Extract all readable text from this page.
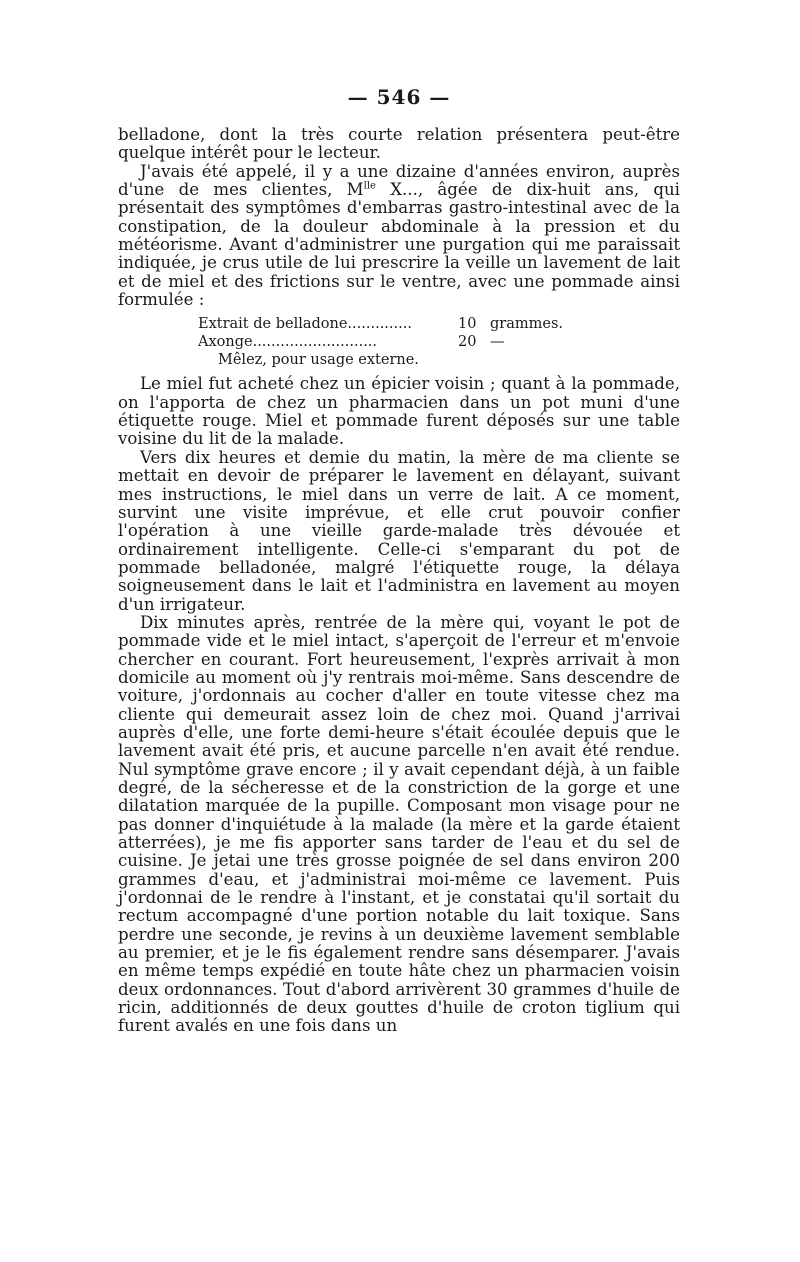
— 546 —

belladone, dont la très courte relation présentera peut-être quelque intérêt pour le lecteur.

J'avais été appelé, il y a une dizaine d'années environ, auprès d'une de mes clientes, $M^{lle}$ X..., âgée de dix-huit ans, qui présentait des symptômes d'embarras gastro-intestinal avec de la constipation, de la douleur abdominale à la pression et du météorisme. Avant d'administrer une purgation qui me paraissait indiquée, je crus utile de lui prescrire la veille un lavement de lait et de miel et des frictions sur le ventre, avec une pommade ainsi formulée :

Extrait de belladone..............	10 grammes.
Axonge...........................	20 —
Mêlez, pour usage externe.

Le miel fut acheté chez un épicier voisin ; quant à la pommade, on l'apporta de chez un pharmacien dans un pot muni d'une étiquette rouge. Miel et pommade furent déposés sur une table voisine du lit de la malade.

Vers dix heures et demie du matin, la mère de ma cliente se mettait en devoir de préparer le lavement en délayant, suivant mes instructions, le miel dans un verre de lait. A ce moment, survint une visite imprévue, et elle crut pouvoir confier l'opération à une vieille garde-malade très dévouée et ordinairement intelligente. Celle-ci s'emparant du pot de pommade belladonée, malgré l'étiquette rouge, la délaya soigneusement dans le lait et l'administra en lavement au moyen d'un irrigateur.

Dix minutes après, rentrée de la mère qui, voyant le pot de pommade vide et le miel intact, s'aperçoit de l'erreur et m'envoie chercher en courant. Fort heureusement, l'exprès arrivait à mon domicile au moment où j'y rentrais moi-même. Sans descendre de voiture, j'ordonnais au cocher d'aller en toute vitesse chez ma cliente qui demeurait assez loin de chez moi. Quand j'arrivai auprès d'elle, une forte demi-heure s'était écoulée depuis que le lavement avait été pris, et aucune parcelle n'en avait été rendue. Nul symptôme grave encore ; il y avait cependant déjà, à un faible degré, de la sécheresse et de la constriction de la gorge et une dilatation marquée de la pupille. Composant mon visage pour ne pas donner d'inquiétude à la malade (la mère et la garde étaient atterrées), je me fis apporter sans tarder de l'eau et du sel de cuisine. Je jetai une très grosse poignée de sel dans environ 200 grammes d'eau, et j'administrai moi-même ce lavement. Puis j'ordonnai de le rendre à l'instant, et je constatai qu'il sortait du rectum accompagné d'une portion notable du lait toxique. Sans perdre une seconde, je revins à un deuxième lavement semblable au premier, et je le fis également rendre sans désemparer. J'avais en même temps expédié en toute hâte chez un pharmacien voisin deux ordonnances. Tout d'abord arrivèrent 30 grammes d'huile de ricin, additionnés de deux gouttes d'huile de croton tiglium qui furent avalés en une fois dans un
